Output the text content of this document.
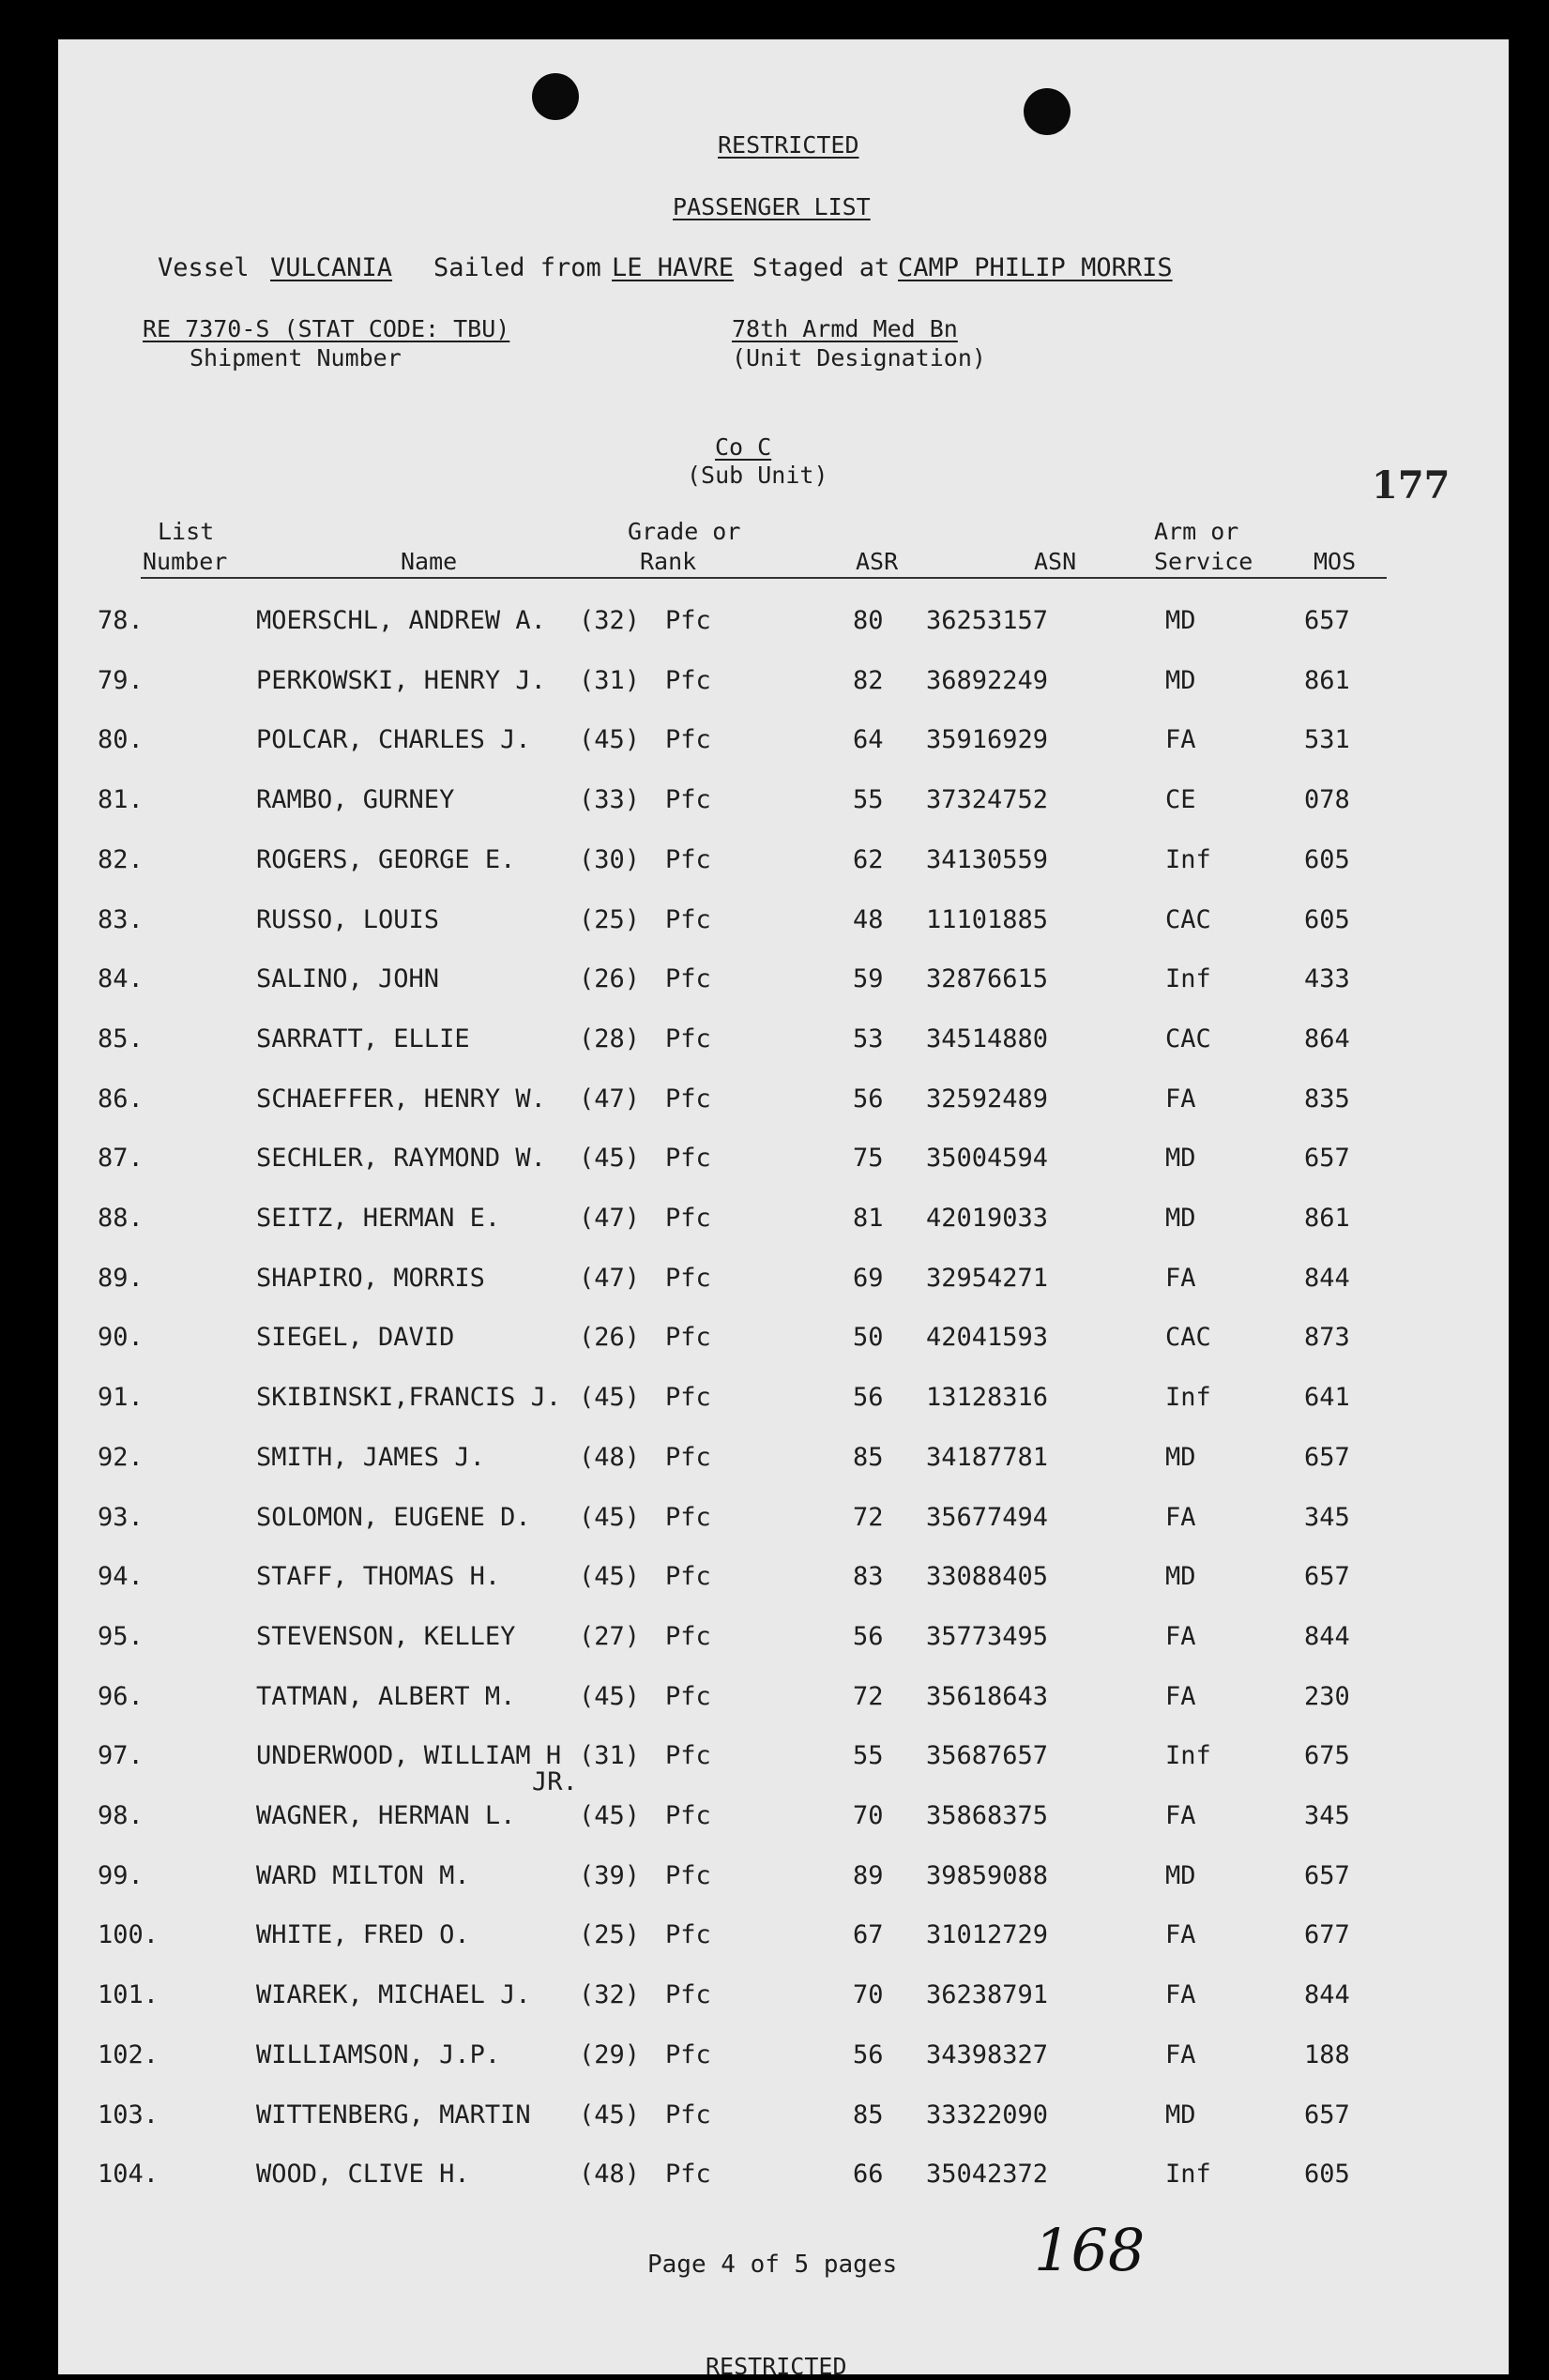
RESTRICTED
PASSENGER LIST
Vessel VULCANIA Sailed from LE HAVRE Staged at CAMP PHILIP MORRIS
RE 7370-S (STAT CODE: TBU)
Shipment Number
78th Armd Med Bn
(Unit Designation)
Co C
(Sub Unit)	177
List
Number	Name
Grade or
Rank	ASR	ASN
Arm or
Service	MOS
78.	MOERSCHL, ANDREW A. (32) Pfc	80 36253157	MD	657
79.	PERKOWSKI, HENRY J. (31) Pfc	82 36892249	MD	861
80.	POLCAR, CHARLES J. (45) Pfc	64 35916929	FA	531
81.	RAMBO, GURNEY	(33) Pfc	55 37324752	CE	078
82.	ROGERS, GEORGE E.	(30) Pfc	62 34130559	Inf	605
83.	RUSSO, LOUIS	(25) Pfc	48 11101885	CAC	605
84.	SALINO, JOHN	(26) Pfc	59 32876615	Inf	433
85.	SARRATT, ELLIE	(28) Pfc	53 34514880	CAC	864
86.	SCHAEFFER, HENRY W. (47) Pfc	56 32592489	FA	835
87.	SECHLER, RAYMOND W. (45) Pfc	75 35004594	MD	657
88.	SEITZ, HERMAN E.	(47) Pfc	81 42019033	MD	861
89.	SHAPIRO, MORRIS	(47) Pfc	69 32954271	FA	844
90.	SIEGEL, DAVID	(26) Pfc	50 42041593	CAC	873
91.	SKIBINSKI,FRANCIS J. (45) Pfc	56 13128316	Inf	641
92.	SMITH, JAMES J.	(48) Pfc	85 34187781	MD	657
93.	SOLOMON, EUGENE D. (45) Pfc	72 35677494	FA	345
94.	STAFF, THOMAS H.	(45) Pfc	83 33088405	MD	657
95.	STEVENSON, KELLEY	(27) Pfc	56 35773495	FA	844
96.	TATMAN, ALBERT M.	(45) Pfc	72 35618643	FA	230
97.	UNDERWOOD, WILLIAM H (31) Pfc	55 35687657	Inf	675
JR.
98.	WAGNER, HERMAN L.	(45) Pfc	70 35868375	FA	345
99.	WARD MILTON M.	(39) Pfc	89 39859088	MD	657
100.	WHITE, FRED O.	(25) Pfc	67 31012729	FA	677
101.	WIAREK, MICHAEL J. (32) Pfc	70 36238791	FA	844
102.	WILLIAMSON, J.P.	(29) Pfc	56 34398327	FA	188
103.	WITTENBERG, MARTIN (45) Pfc	85 33322090	MD	657
104.	WOOD, CLIVE H.	(48) Pfc	66 35042372	Inf	605
Page 4 of 5 pages 168
RESTRICTED
